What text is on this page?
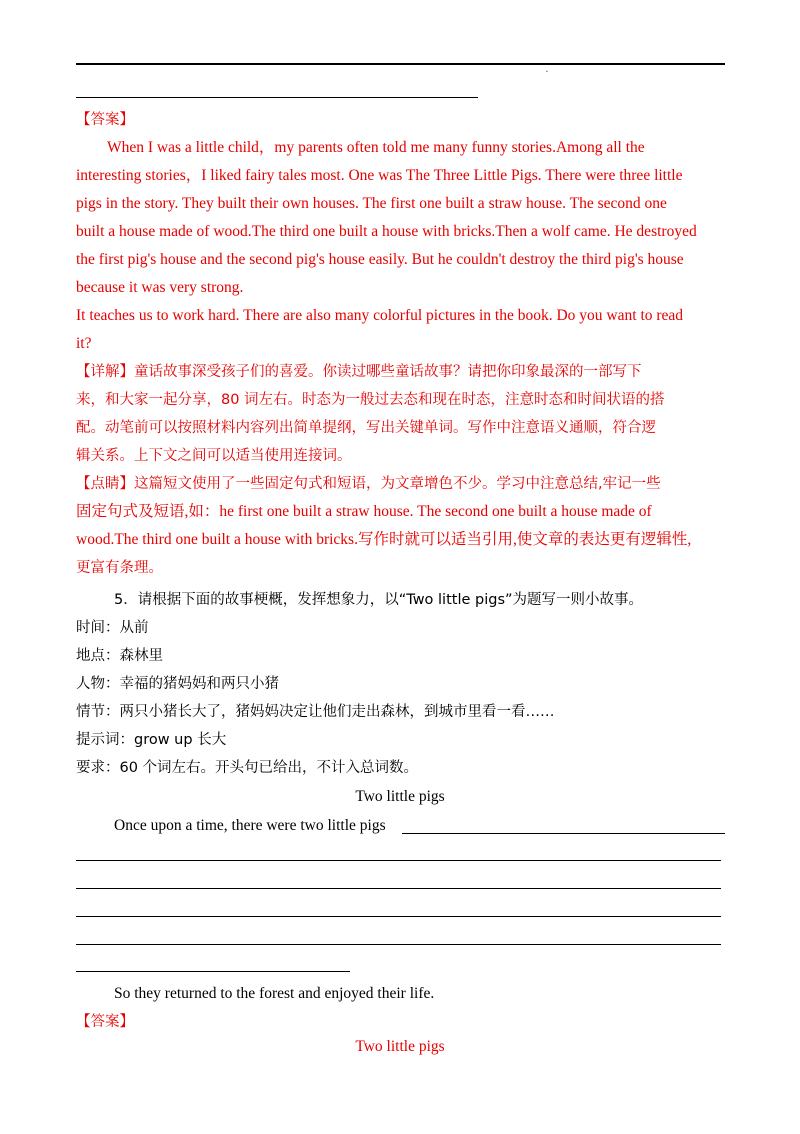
▪
【答案】
When I was a little child，my parents often told me many funny stories.Among all the
interesting stories，I liked fairy tales most. One was The Three Little Pigs. There were three little
pigs in the story. They built their own houses. The first one built a straw house. The second one
built a house made of wood.The third one built a house with bricks.Then a wolf came. He destroyed
the first pig's house and the second pig's house easily. But he couldn't destroy the third pig's house
because it was very strong.
It teaches us to work hard. There are also many colorful pictures in the book. Do you want to read
it?
【详解】童话故事深受孩子们的喜爱。你读过哪些童话故事？请把你印象最深的一部写下
来，和大家一起分享，80 词左右。时态为一般过去态和现在时态，注意时态和时间状语的搭
配。动笔前可以按照材料内容列出简单提纲，写出关键单词。写作中注意语义通顺，符合逻
辑关系。上下文之间可以适当使用连接词。
【点睛】这篇短文使用了一些固定句式和短语，为文章增色不少。学习中注意总结,牢记一些
固定句式及短语,如：he first one built a straw house. The second one built a house made of
wood.The third one built a house with bricks.写作时就可以适当引用,使文章的表达更有逻辑性,
更富有条理。
5．请根据下面的故事梗概，发挥想象力，以“Two little pigs”为题写一则小故事。
时间：从前
地点：森林里
人物：幸福的猪妈妈和两只小猪
情节：两只小猪长大了，猪妈妈决定让他们走出森林，到城市里看一看……
提示词：grow up 长大
要求：60 个词左右。开头句已给出，不计入总词数。
Two little pigs
Once upon a time, there were two little pigs
So they returned to the forest and enjoyed their life.
【答案】
Two little pigs
